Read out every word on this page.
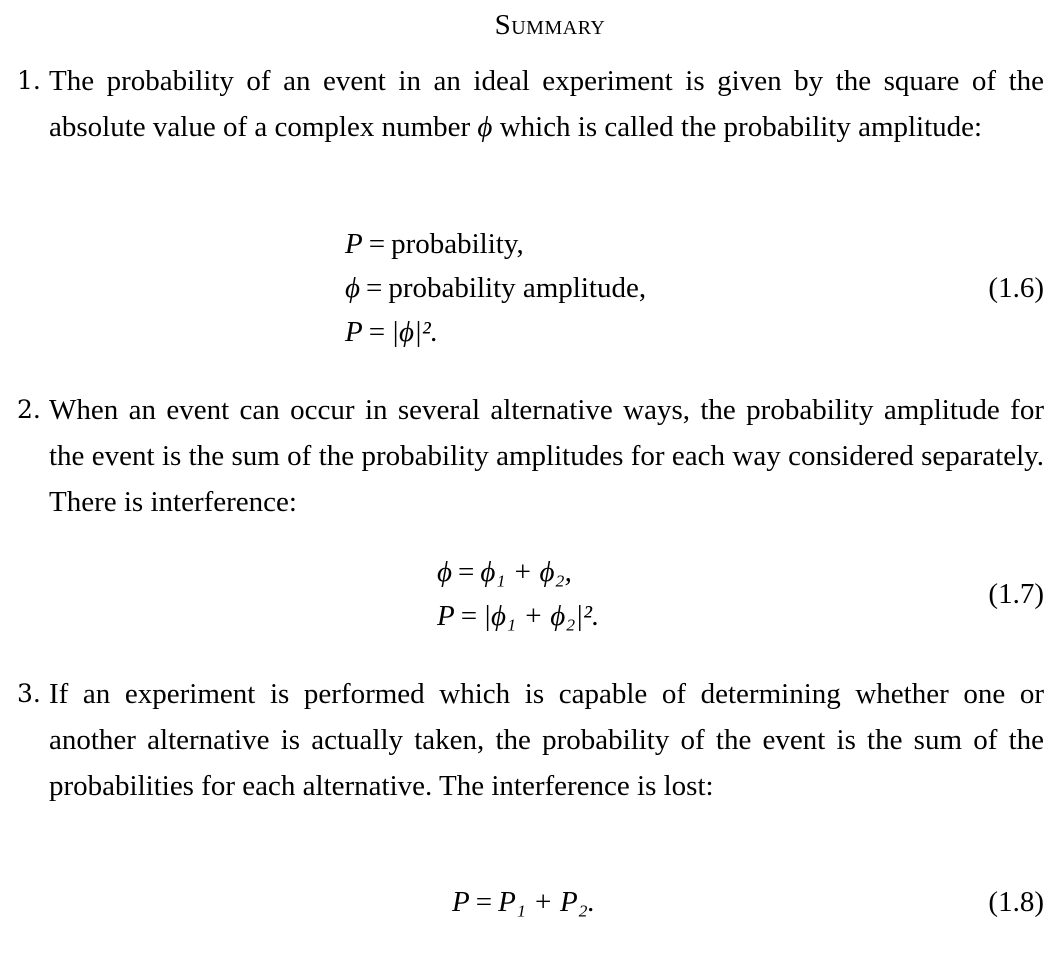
Summary
1. The probability of an event in an ideal experiment is given by the square of the absolute value of a complex number ϕ which is called the probability amplitude:
P = probability,
ϕ = probability amplitude,
P = |ϕ|².
(1.6)
2. When an event can occur in several alternative ways, the probability amplitude for the event is the sum of the probability amplitudes for each way considered separately. There is interference:
ϕ = ϕ₁ + ϕ₂,
P = |ϕ₁ + ϕ₂|².
(1.7)
3. If an experiment is performed which is capable of determining whether one or another alternative is actually taken, the probability of the event is the sum of the probabilities for each alternative. The interference is lost:
P = P₁ + P₂.	(1.8)
